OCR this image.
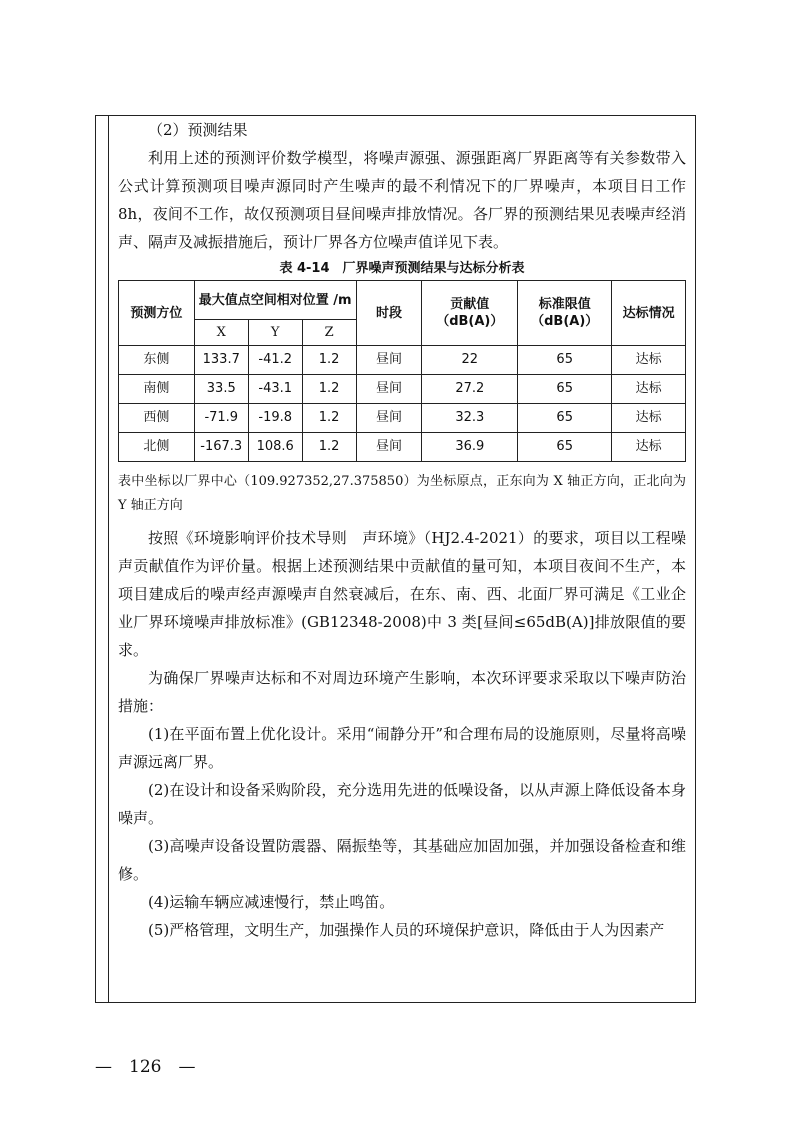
（2）预测结果

利用上述的预测评价数学模型，将噪声源强、源强距离厂界距离等有关参数带入公式计算预测项目噪声源同时产生噪声的最不利情况下的厂界噪声，本项目日工作 8h，夜间不工作，故仅预测项目昼间噪声排放情况。各厂界的预测结果见表噪声经消声、隔声及减振措施后，预计厂界各方位噪声值详见下表。

表 4-14　厂界噪声预测结果与达标分析表
预测方位	最大值点空间相对位置 /m			时段	贡献值（dB(A)）	标准限值（dB(A)）	达标情况
	X	Y	Z				
东侧	133.7	-41.2	1.2	昼间	22	65	达标
南侧	33.5	-43.1	1.2	昼间	27.2	65	达标
西侧	-71.9	-19.8	1.2	昼间	32.3	65	达标
北侧	-167.3	108.6	1.2	昼间	36.9	65	达标

表中坐标以厂界中心（109.927352,27.375850）为坐标原点，正东向为 X 轴正方向，正北向为 Y 轴正方向

按照《环境影响评价技术导则　声环境》（HJ2.4-2021）的要求，项目以工程噪声贡献值作为评价量。根据上述预测结果中贡献值的量可知，本项目夜间不生产，本项目建成后的噪声经声源噪声自然衰减后，在东、南、西、北面厂界可满足《工业企业厂界环境噪声排放标准》(GB12348-2008)中 3 类[昼间≤65dB(A)]排放限值的要求。

为确保厂界噪声达标和不对周边环境产生影响，本次环评要求采取以下噪声防治措施：

(1)在平面布置上优化设计。采用“闹静分开”和合理布局的设施原则，尽量将高噪声源远离厂界。

(2)在设计和设备采购阶段，充分选用先进的低噪设备，以从声源上降低设备本身噪声。

(3)高噪声设备设置防震器、隔振垫等，其基础应加固加强，并加强设备检查和维修。

(4)运输车辆应减速慢行，禁止鸣笛。

(5)严格管理，文明生产，加强操作人员的环境保护意识，降低由于人为因素产

—　126　—
